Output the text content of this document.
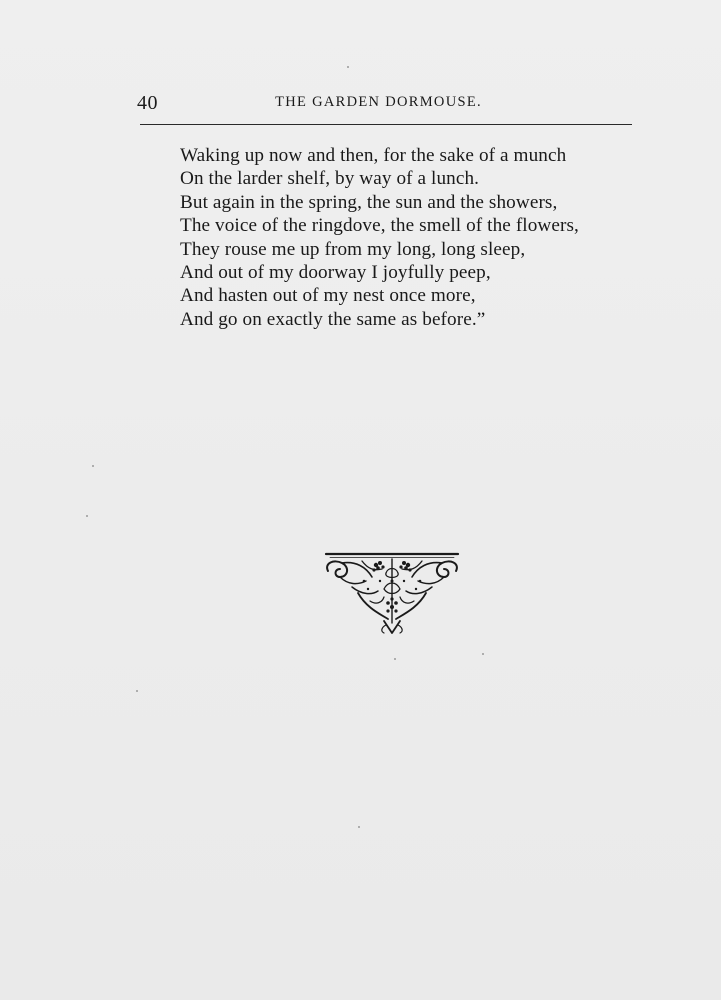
40	THE GARDEN DORMOUSE.
Waking up now and then, for the sake of a munch
On the larder shelf, by way of a lunch.
But again in the spring, the sun and the showers,
The voice of the ringdove, the smell of the flowers,
They rouse me up from my long, long sleep,
And out of my doorway I joyfully peep,
And hasten out of my nest once more,
And go on exactly the same as before.”
